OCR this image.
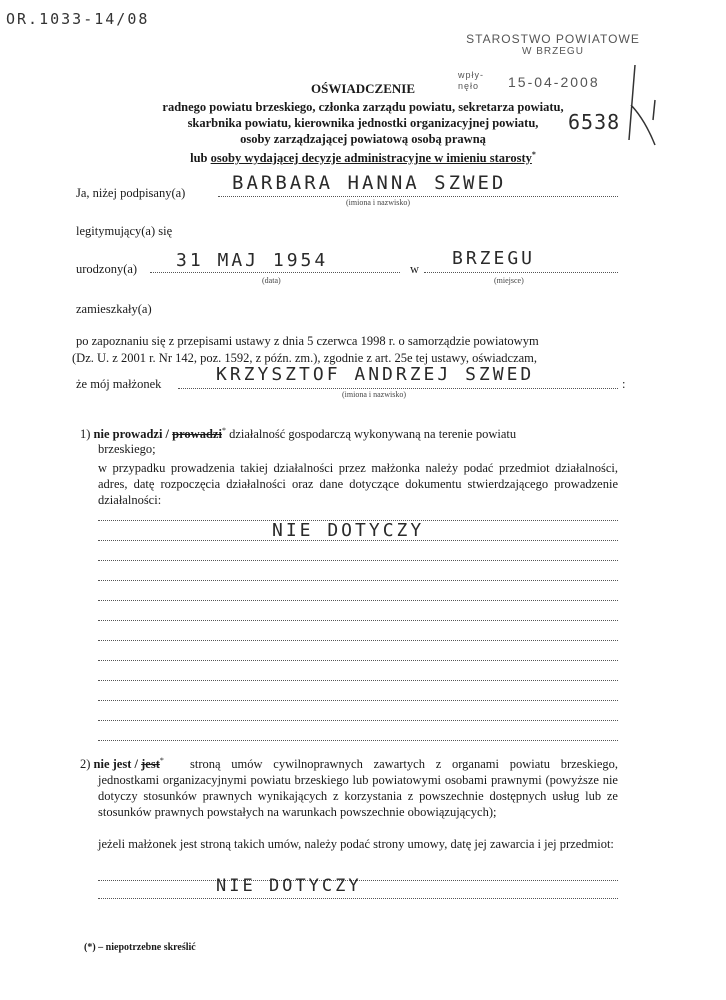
OR.1033-14/08
STAROSTWO POWIATOWE
W BRZEGU
wpły-
nęło	15-04-2008
6538
OŚWIADCZENIE
radnego powiatu brzeskiego, członka zarządu powiatu, sekretarza powiatu,
skarbnika powiatu, kierownika jednostki organizacyjnej powiatu,
osoby zarządzającej powiatową osobą prawną
lub osoby wydającej decyzje administracyjne w imieniu starosty*
Ja, niżej podpisany(a) BARBARA HANNA SZWED
(imiona i nazwisko)
legitymujący(a) się
urodzony(a) 31 MAJ 1954
(data)
w BRZEGU
(miejsce)
zamieszkały(a)
po zapoznaniu się z przepisami ustawy z dnia 5 czerwca 1998 r. o samorządzie powiatowym
(Dz. U. z 2001 r. Nr 142, poz. 1592, z późn. zm.), zgodnie z art. 25e tej ustawy, oświadczam,
że mój małżonek	KRZYSZTOF ANDRZEJ SZWED	:
(imiona i nazwisko)
1) nie prowadzi / prowadzi* działalność gospodarczą wykonywaną na terenie powiatu
brzeskiego;
w przypadku prowadzenia takiej działalności przez małżonka należy podać przedmiot działalności, adres, datę rozpoczęcia działalności oraz dane dotyczące dokumentu stwierdzającego prowadzenie działalności:
NIE DOTYCZY
2) nie jest / jest*	stroną umów cywilnoprawnych zawartych z organami powiatu brzeskiego, jednostkami organizacyjnymi powiatu brzeskiego lub powiatowymi osobami prawnymi (powyższe nie dotyczy stosunków prawnych wynikających z korzystania z powszechnie dostępnych usług lub ze stosunków prawnych powstałych na warunkach powszechnie obowiązujących);
jeżeli małżonek jest stroną takich umów, należy podać strony umowy, datę jej zawarcia i jej przedmiot:
NIE DOTYCZY
(*) – niepotrzebne skreślić
